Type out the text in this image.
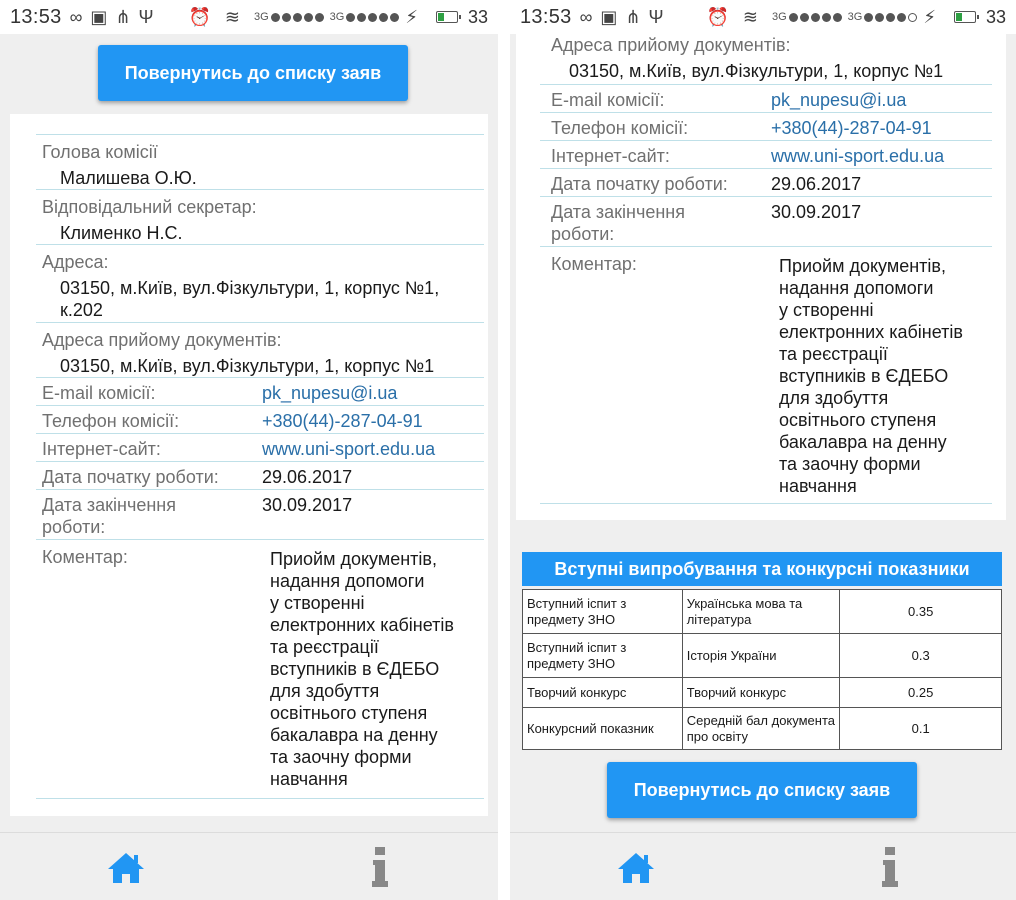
13:53 ∞ ▣ ⋔ Ψ ⏰ ≋ 3G	3G	⚡	33
Повернутись до списку заяв
Голова комісії
Малишева О.Ю.
Відповідальний секретар:
Клименко Н.С.
Адреса:
03150, м.Київ, вул.Фізкультури, 1, корпус №1,
к.202
Адреса прийому документів:
03150, м.Київ, вул.Фізкультури, 1, корпус №1
E-mail комісії:	pk_nupesu@i.ua
Телефон комісії:	+380(44)-287-04-91
Інтернет-сайт:	www.uni-sport.edu.ua
Дата початку роботи: 29.06.2017
Дата закінчення
роботи:
30.09.2017
Коментар:	Приойм документів,
надання допомоги
у створенні
електронних кабінетів
та реєстрації
вступників в ЄДЕБО
для здобуття
освітнього ступеня
бакалавра на денну
та заочну форми
навчання
13:53 ∞ ▣ ⋔ Ψ ⏰ ≋ 3G	3G	⚡	33
Адреса прийому документів:
03150, м.Київ, вул.Фізкультури, 1, корпус №1
E-mail комісії:	pk_nupesu@i.ua
Телефон комісії:	+380(44)-287-04-91
Інтернет-сайт:	www.uni-sport.edu.ua
Дата початку роботи: 29.06.2017
Дата закінчення
роботи:
30.09.2017
Коментар:	Приойм документів,
надання допомоги
у створенні
електронних кабінетів
та реєстрації
вступників в ЄДЕБО
для здобуття
освітнього ступеня
бакалавра на денну
та заочну форми
навчання
Вступні випробування та конкурсні показники
Вступний іспит з предмету ЗНО	Українська мова та література	0.35
Вступний іспит з предмету ЗНО	Історія України	0.3
Творчий конкурс	Творчий конкурс	0.25
Конкурсний показник	Середній бал документа про освіту	0.1
Повернутись до списку заяв
